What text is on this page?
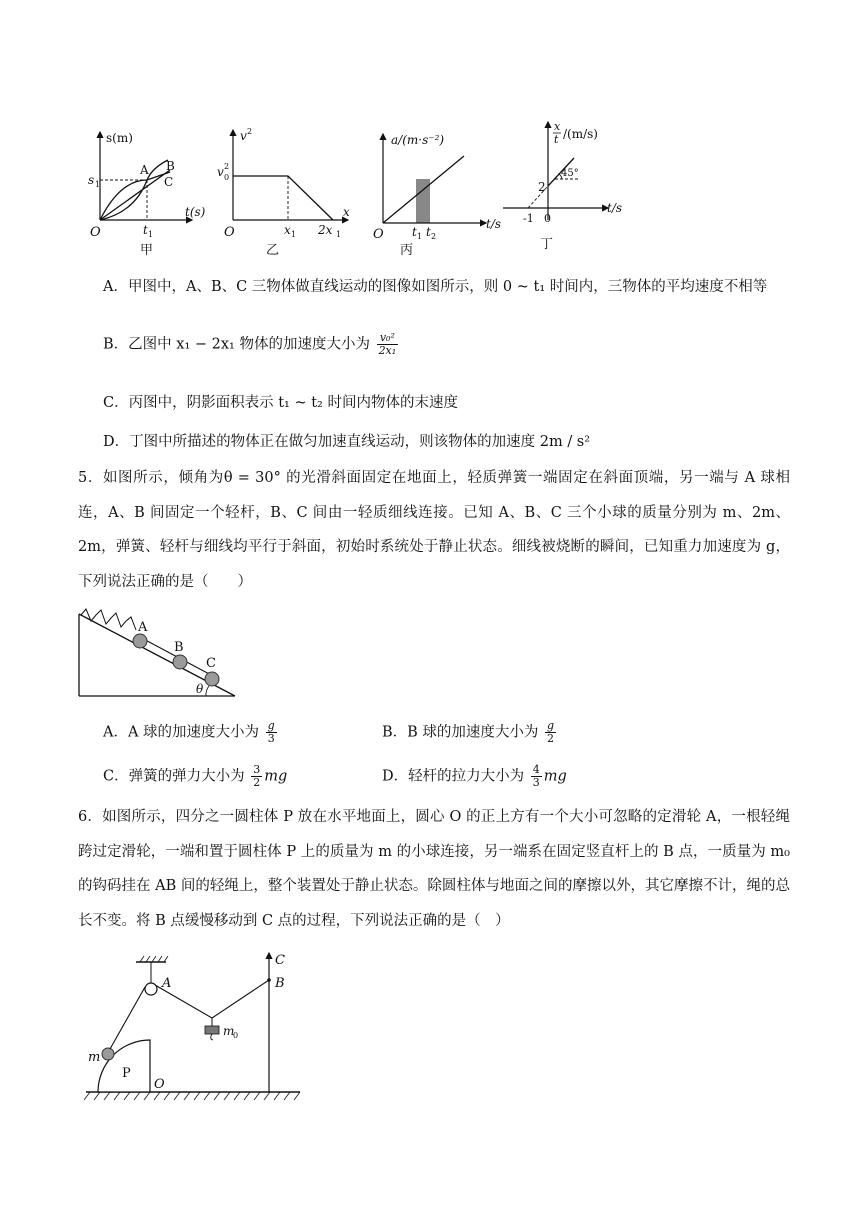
s(m)
t(s)
O
A B
C
s 1
t 1
甲
v 2
x
O
v 2
0
x 1 2x 1
乙
a/(m·s⁻²)
t/s
O t 1 t 2
丙
45°
x
t /(m/s)
t/s
2
-1 0
丁
A．甲图中，A、B、C 三物体做直线运动的图像如图所示，则 0 ~ t₁ 时间内，三物体的平均速度不相等
B．乙图中 x₁ − 2x₁ 物体的加速度大小为 $\frac{\text{v₀²}}{\text{2x₁}}$
C．丙图中，阴影面积表示 t₁ ~ t₂ 时间内物体的末速度
D．丁图中所描述的物体正在做匀加速直线运动，则该物体的加速度 2m / s²
5．如图所示，倾角为θ = 30° 的光滑斜面固定在地面上，轻质弹簧一端固定在斜面顶端，另一端与 A 球相连，A、B 间固定一个轻杆，B、C 间由一轻质细线连接。已知 A、B、C 三个小球的质量分别为 m、2m、2m，弹簧、轻杆与细线均平行于斜面，初始时系统处于静止状态。细线被烧断的瞬间，已知重力加速度为 g，下列说法正确的是（　　）
A
B
C
θ
A．A 球的加速度大小为 $\frac{g}{3}$	B．B 球的加速度大小为 $\frac{g}{2}$
C．弹簧的弹力大小为 $\frac{3}{2}$ mg	D．轻杆的拉力大小为 $\frac{4}{3}$ mg
6．如图所示，四分之一圆柱体 P 放在水平地面上，圆心 O 的正上方有一个大小可忽略的定滑轮 A，一根轻绳跨过定滑轮，一端和置于圆柱体 P 上的质量为 m 的小球连接，另一端系在固定竖直杆上的 B 点，一质量为 m₀ 的钩码挂在 AB 间的轻绳上，整个装置处于静止状态。除圆柱体与地面之间的摩擦以外，其它摩擦不计，绳的总长不变。将 B 点缓慢移动到 C 点的过程，下列说法正确的是（　）
A
P
O
m
m
0
C
B
